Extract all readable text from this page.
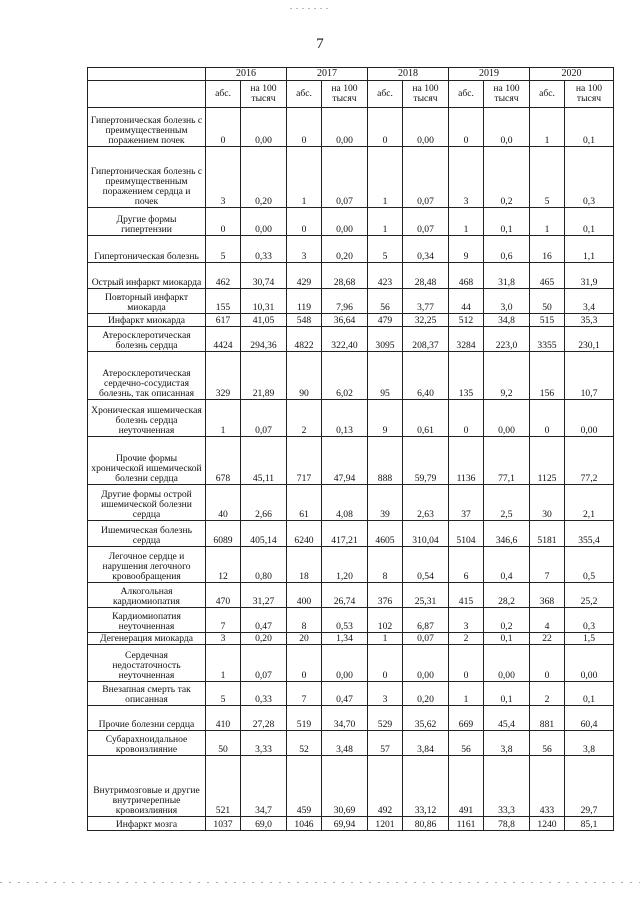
7
	2016		2017		2018		2019		2020	
	абс.	на 100 тысяч	абс.	на 100 тысяч	абс.	на 100 тысяч	абс.	на 100 тысяч	абс.	на 100 тысяч
Гипертоническая болезнь с преимущественным поражением почек	0	0,00	0	0,00	0	0,00	0	0,0	1	0,1
Гипертоническая болезнь с преимущественным поражением сердца и почек	3	0,20	1	0,07	1	0,07	3	0,2	5	0,3
Другие формы гипертензии	0	0,00	0	0,00	1	0,07	1	0,1	1	0,1
Гипертоническая болезнь	5	0,33	3	0,20	5	0,34	9	0,6	16	1,1
Острый инфаркт миокарда	462	30,74	429	28,68	423	28,48	468	31,8	465	31,9
Повторный инфаркт миокарда	155	10,31	119	7,96	56	3,77	44	3,0	50	3,4
Инфаркт миокарда	617	41,05	548	36,64	479	32,25	512	34,8	515	35,3
Атеросклеротическая болезнь сердца	4424	294,36	4822	322,40	3095	208,37	3284	223,0	3355	230,1
Атеросклеротическая сердечно-сосудистая болезнь, так описанная	329	21,89	90	6,02	95	6,40	135	9,2	156	10,7
Хроническая ишемическая болезнь сердца неуточненная	1	0,07	2	0,13	9	0,61	0	0,00	0	0,00
Прочие формы хронической ишемической болезни сердца	678	45,11	717	47,94	888	59,79	1136	77,1	1125	77,2
Другие формы острой ишемической болезни сердца	40	2,66	61	4,08	39	2,63	37	2,5	30	2,1
Ишемическая болезнь сердца	6089	405,14	6240	417,21	4605	310,04	5104	346,6	5181	355,4
Легочное сердце и нарушения легочного кровообращения	12	0,80	18	1,20	8	0,54	6	0,4	7	0,5
Алкогольная кардиомиопатия	470	31,27	400	26,74	376	25,31	415	28,2	368	25,2
Кардиомиопатия неуточненная	7	0,47	8	0,53	102	6,87	3	0,2	4	0,3
Дегенерация миокарда	3	0,20	20	1,34	1	0,07	2	0,1	22	1,5
Сердечная недостаточность неуточненная	1	0,07	0	0,00	0	0,00	0	0,00	0	0,00
Внезапная смерть так описанная	5	0,33	7	0,47	3	0,20	1	0,1	2	0,1
Прочие болезни сердца	410	27,28	519	34,70	529	35,62	669	45,4	881	60,4
Субарахноидальное кровоизлияние	50	3,33	52	3,48	57	3,84	56	3,8	56	3,8
Внутримозговые и другие внутричерепные кровоизлияния	521	34,7	459	30,69	492	33,12	491	33,3	433	29,7
Инфаркт мозга	1037	69,0	1046	69,94	1201	80,86	1161	78,8	1240	85,1
